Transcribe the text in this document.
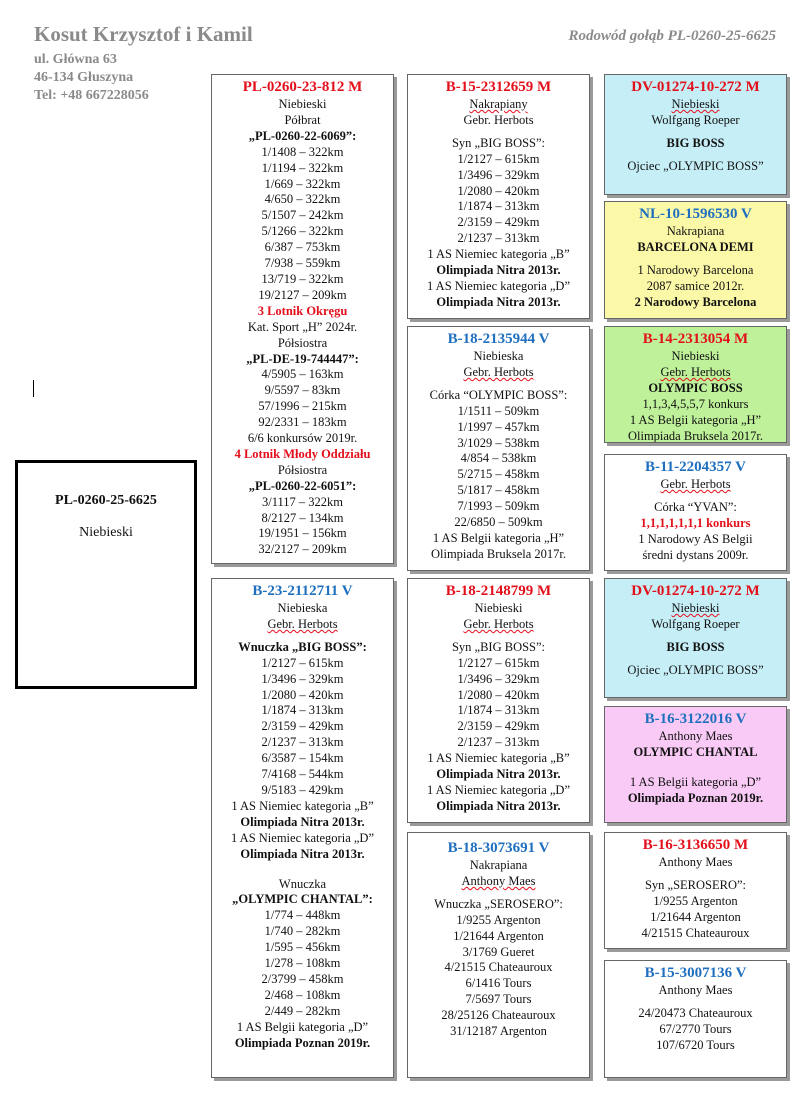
Kosut Krzysztof i Kamil
ul. Główna 63
46-134 Głuszyna
Tel: +48 667228056
Rodowód gołąb PL-0260-25-6625
PL-0260-25-6625
Niebieski
PL-0260-23-812 M
Niebieski
Półbrat
„PL-0260-22-6069”:
1/1408 – 322km
1/1194 – 322km
1/669 – 322km
4/650 – 322km
5/1507 – 242km
5/1266 – 322km
6/387 – 753km
7/938 – 559km
13/719 – 322km
19/2127 – 209km
3 Lotnik Okręgu
Kat. Sport „H” 2024r.
Półsiostra
„PL-DE-19-744447”:
4/5905 – 163km
9/5597 – 83km
57/1996 – 215km
92/2331 – 183km
6/6 konkursów 2019r.
4 Lotnik Młody Oddziału
Półsiostra
„PL-0260-22-6051”:
3/1117 – 322km
8/2127 – 134km
19/1951 – 156km
32/2127 – 209km
B-23-2112711 V
Niebieska
Gebr. Herbots
Wnuczka „BIG BOSS”:
1/2127 – 615km
1/3496 – 329km
1/2080 – 420km
1/1874 – 313km
2/3159 – 429km
2/1237 – 313km
6/3587 – 154km
7/4168 – 544km
9/5183 – 429km
1 AS Niemiec kategoria „B”
Olimpiada Nitra 2013r.
1 AS Niemiec kategoria „D”
Olimpiada Nitra 2013r.
Wnuczka
„OLYMPIC CHANTAL”:
1/774 – 448km
1/740 – 282km
1/595 – 456km
1/278 – 108km
2/3799 – 458km
2/468 – 108km
2/449 – 282km
1 AS Belgii kategoria „D”
Olimpiada Poznan 2019r.
B-15-2312659 M
Nakrapiany
Gebr. Herbots
Syn „BIG BOSS”:
1/2127 – 615km
1/3496 – 329km
1/2080 – 420km
1/1874 – 313km
2/3159 – 429km
2/1237 – 313km
1 AS Niemiec kategoria „B”
Olimpiada Nitra 2013r.
1 AS Niemiec kategoria „D”
Olimpiada Nitra 2013r.
B-18-2135944 V
Niebieska
Gebr. Herbots
Córka “OLYMPIC BOSS”:
1/1511 – 509km
1/1997 – 457km
3/1029 – 538km
4/854 – 538km
5/2715 – 458km
5/1817 – 458km
7/1993 – 509km
22/6850 – 509km
1 AS Belgii kategoria „H”
Olimpiada Bruksela 2017r.
B-18-2148799 M
Niebieski
Gebr. Herbots
Syn „BIG BOSS”:
1/2127 – 615km
1/3496 – 329km
1/2080 – 420km
1/1874 – 313km
2/3159 – 429km
2/1237 – 313km
1 AS Niemiec kategoria „B”
Olimpiada Nitra 2013r.
1 AS Niemiec kategoria „D”
Olimpiada Nitra 2013r.
B-18-3073691 V
Nakrapiana
Anthony Maes
Wnuczka „SEROSERO”:
1/9255 Argenton
1/21644 Argenton
3/1769 Gueret
4/21515 Chateauroux
6/1416 Tours
7/5697 Tours
28/25126 Chateauroux
31/12187 Argenton
DV-01274-10-272 M
Niebieski
Wolfgang Roeper
BIG BOSS
Ojciec „OLYMPIC BOSS”
NL-10-1596530 V
Nakrapiana
BARCELONA DEMI
1 Narodowy Barcelona
2087 samice 2012r.
2 Narodowy Barcelona
B-14-2313054 M
Niebieski
Gebr. Herbots
OLYMPIC BOSS
1,1,3,4,5,5,7 konkurs
1 AS Belgii kategoria „H”
Olimpiada Bruksela 2017r.
B-11-2204357 V
Gebr. Herbots
Córka “YVAN”:
1,1,1,1,1,1,1 konkurs
1 Narodowy AS Belgii
średni dystans 2009r.
DV-01274-10-272 M
Niebieski
Wolfgang Roeper
BIG BOSS
Ojciec „OLYMPIC BOSS”
B-16-3122016 V
Anthony Maes
OLYMPIC CHANTAL
1 AS Belgii kategoria „D”
Olimpiada Poznan 2019r.
B-16-3136650 M
Anthony Maes
Syn „SEROSERO”:
1/9255 Argenton
1/21644 Argenton
4/21515 Chateauroux
B-15-3007136 V
Anthony Maes
24/20473 Chateauroux
67/2770 Tours
107/6720 Tours
